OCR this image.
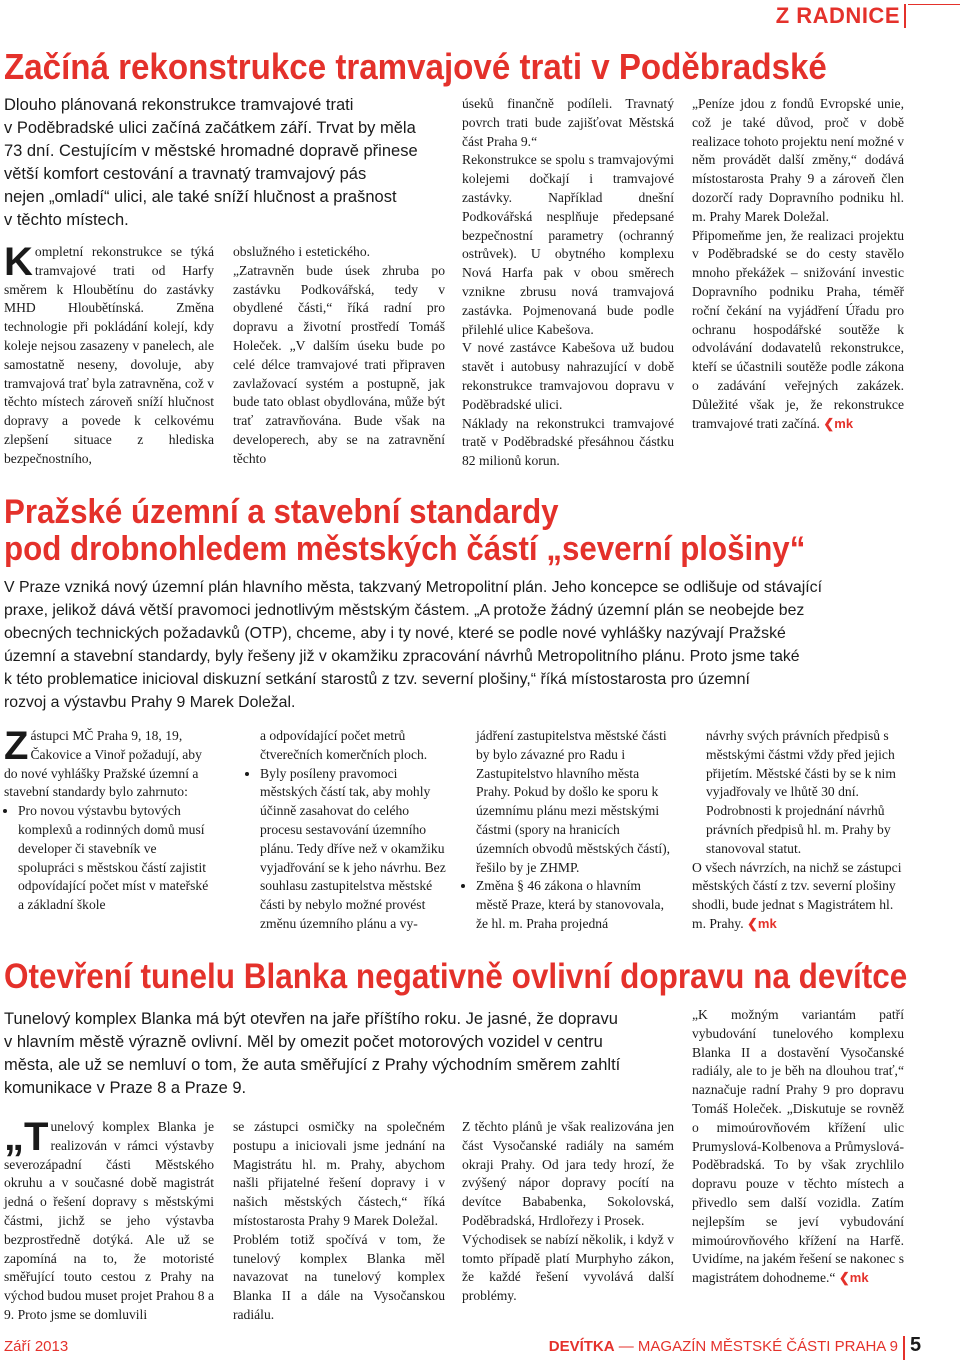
Z RADNICE
Začíná rekonstrukce tramvajové trati v Poděbradské
Dlouho plánovaná rekonstrukce tramvajové trati
v Poděbradské ulici začíná začátkem září. Trvat by měla
73 dní. Cestujícím v městské hromadné dopravě přinese
větší komfort cestování a travnatý tramvajový pás
nejen „omladí“ ulici, ale také sníží hlučnost a prašnost
v těchto místech.

Kompletní rekonstrukce se týká tramvajové trati od Harfy směrem k Hloubětínu do zastávky MHD Hloubětínská. Změna technologie při pokládání kolejí, kdy koleje nejsou zasazeny v panelech, ale samostatně neseny, dovoluje, aby tramvajová trať byla zatravněna, což v těchto místech zároveň sníží hlučnost dopravy a povede k celkovému zlepšení situace z hlediska bezpečnostního,

obslužného i estetického.

„Zatravněn bude úsek zhruba po zastávku Podkovářská, tedy v obydlené části,“ říká radní pro dopravu a životní prostředí Tomáš Holeček. „V dalším úseku bude po celé délce tramvajové trati připraven zavlažovací systém a postupně, jak bude tato oblast obydlována, může být trať zatravňována. Bude však na developerech, aby se na zatravnění těchto

úseků finančně podíleli. Travnatý povrch trati bude zajišťovat Městská část Praha 9.“

Rekonstrukce se spolu s tramvajovými kolejemi dočkají i tramvajové zastávky. Například dnešní Podkovářská nesplňuje předepsané bezpečnostní parametry (ochranný ostrůvek). U obytného komplexu Nová Harfa pak v obou směrech vznikne zbrusu nová tramvajová zastávka. Pojmenovaná bude podle přilehlé ulice Kabešova.

V nové zastávce Kabešova už budou stavět i autobusy nahrazující v době rekonstrukce tramvajovou dopravu v Poděbradské ulici.

Náklady na rekonstrukci tramvajové tratě v Poděbradské přesáhnou částku 82 milionů korun.

„Peníze jdou z fondů Evropské unie, což je také důvod, proč v době realizace tohoto projektu není možné v něm provádět další změny,“ dodává místostarosta Prahy 9 a zároveň člen dozorčí rady Dopravního podniku hl. m. Prahy Marek Doležal.

Připomeňme jen, že realizaci projektu v Poděbradské se do cesty stavělo mnoho překážek – snižování investic Dopravního podniku Praha, téměř roční čekání na vyjádření Úřadu pro ochranu hospodářské soutěže k odvolávání dodavatelů rekonstrukce, kteří se účastnili soutěže podle zákona o zadávání veřejných zakázek. Důležité však je, že rekonstrukce tramvajové trati začíná. ❮mk

Pražské územní a stavební standardy
pod drobnohledem městských částí „severní plošiny“
V Praze vzniká nový územní plán hlavního města, takzvaný Metropolitní plán. Jeho koncepce se odlišuje od stávající
praxe, jelikož dává větší pravomoci jednotlivým městským částem. „A protože žádný územní plán se neobejde bez
obecných technických požadavků (OTP), chceme, aby i ty nové, které se podle nové vyhlášky nazývají Pražské
územní a stavební standardy, byly řešeny již v okamžiku zpracování návrhů Metropolitního plánu. Proto jsme také
k této problematice inicioval diskuzní setkání starostů z tzv. severní plošiny,“ říká místostarosta pro územní
rozvoj a výstavbu Prahy 9 Marek Doležal.

Zástupci MČ Praha 9, 18, 19, Čakovice a Vinoř požadují, aby do nové vyhlášky Pražské územní a stavební standardy bylo zahrnuto:

• Pro novou výstavbu bytových komplexů a rodinných domů musí developer či stavebník ve spolupráci s městskou částí zajistit odpovídající počet míst v mateřské a základní škole

a odpovídající počet metrů čtverečních komerčních ploch.

• Byly posíleny pravomoci městských částí tak, aby mohly účinně zasahovat do celého procesu sestavování územního plánu. Tedy dříve než v okamžiku vyjadřování se k jeho návrhu. Bez souhlasu zastupitelstva městské části by nebylo možné provést změnu územního plánu a vy-

jádření zastupitelstva městské části by bylo závazné pro Radu i Zastupitelstvo hlavního města Prahy. Pokud by došlo ke sporu k územnímu plánu mezi městskými částmi (spory na hranicích územních obvodů městských částí), řešilo by je ZHMP.

• Změna § 46 zákona o hlavním městě Praze, která by stanovovala, že hl. m. Praha projedná

návrhy svých právních předpisů s městskými částmi vždy před jejich přijetím. Městské části by se k nim vyjadřovaly ve lhůtě 30 dní. Podrobnosti k projednání návrhů právních předpisů hl. m. Prahy by stanovoval statut.

O všech návrzích, na nichž se zástupci městských částí z tzv. severní plošiny shodli, bude jednat s Magistrátem hl. m. Prahy. ❮mk

Otevření tunelu Blanka negativně ovlivní dopravu na devítce
Tunelový komplex Blanka má být otevřen na jaře příštího roku. Je jasné, že dopravu
v hlavním městě výrazně ovlivní. Měl by omezit počet motorových vozidel v centru
města, ale už se nemluví o tom, že auta směřující z Prahy východním směrem zahltí
komunikace v Praze 8 a Praze 9.

„Tunelový komplex Blanka je realizován v rámci výstavby severozápadní části Městského okruhu a v současné době magistrát jedná o řešení dopravy s městskými částmi, jichž se jeho výstavba bezprostředně dotýká. Ale už se zapomíná na to, že motoristé směřující touto cestou z Prahy na východ budou muset projet Prahou 8 a 9. Proto jsme se domluvili

se zástupci osmičky na společném postupu a iniciovali jsme jednání na Magistrátu hl. m. Prahy, abychom našli přijatelné řešení dopravy i v našich městských částech,“ říká místostarosta Prahy 9 Marek Doležal.

Problém totiž spočívá v tom, že tunelový komplex Blanka měl navazovat na tunelový komplex Blanka II a dále na Vysočanskou radiálu.

Z těchto plánů je však realizována jen část Vysočanské radiály na samém okraji Prahy. Od jara tedy hrozí, že zvýšený nápor dopravy pocítí na devítce Bababenka, Sokolovská, Poděbradská, Hrdlořezy i Prosek.

Východisek se nabízí několik, i když v tomto případě platí Murphyho zákon, že každé řešení vyvolává další problémy.

„K možným variantám patří vybudování tunelového komplexu Blanka II a dostavění Vysočanské radiály, ale to je běh na dlouhou trať,“ naznačuje radní Prahy 9 pro dopravu Tomáš Holeček. „Diskutuje se rovněž o mimoúrovňovém křížení ulic Prumyslová-Kolbenova a Průmyslová-Poděbradská. To by však zrychlilo dopravu pouze v těchto místech a přivedlo sem další vozidla. Zatím nejlepším se jeví vybudování mimoúrovňového křížení na Harfě. Uvidíme, na jakém řešení se nakonec s magistrátem dohodneme.“ ❮mk

Září 2013	DEVÍTKA — MAGAZÍN MĚSTSKÉ ČÁSTI PRAHA 9 5
